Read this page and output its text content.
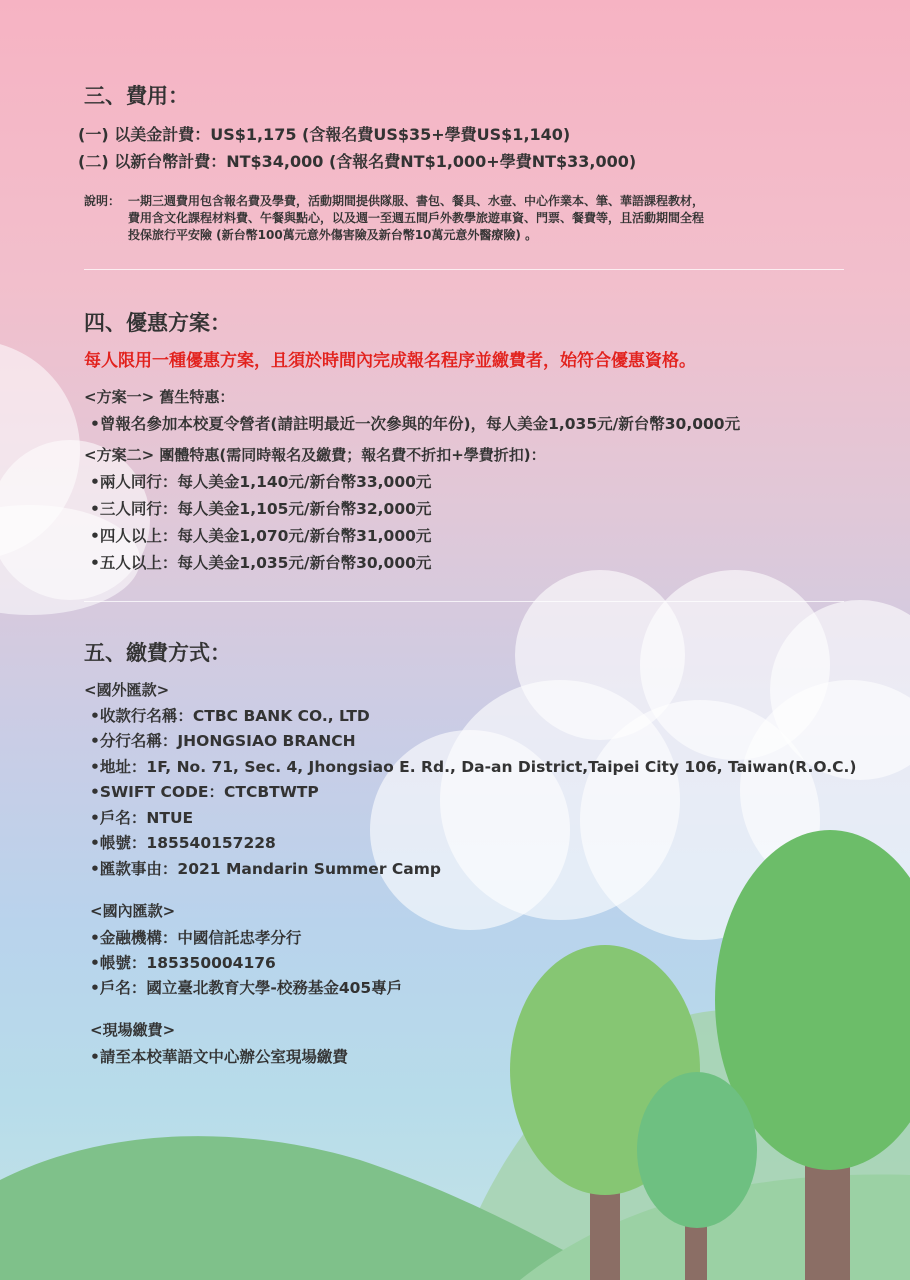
三、費用：
(一) 以美金計費：US$1,175 (含報名費US$35+學費US$1,140)
(二) 以新台幣計費：NT$34,000 (含報名費NT$1,000+學費NT$33,000)
說明： 一期三週費用包含報名費及學費，活動期間提供隊服、書包、餐具、水壺、中心作業本、筆、華語課程教材，
費用含文化課程材料費、午餐與點心，以及週一至週五間戶外教學旅遊車資、門票、餐費等，且活動期間全程
投保旅行平安險 (新台幣100萬元意外傷害險及新台幣10萬元意外醫療險) 。
四、優惠方案：
每人限用一種優惠方案，且須於時間內完成報名程序並繳費者，始符合優惠資格。
<方案一> 舊生特惠：
•曾報名參加本校夏令營者(請註明最近一次參與的年份)，每人美金1,035元/新台幣30,000元
<方案二> 團體特惠(需同時報名及繳費；報名費不折扣+學費折扣)：
•兩人同行：每人美金1,140元/新台幣33,000元
•三人同行：每人美金1,105元/新台幣32,000元
•四人以上：每人美金1,070元/新台幣31,000元
•五人以上：每人美金1,035元/新台幣30,000元
五、繳費方式：
<國外匯款>
•收款行名稱：CTBC BANK CO., LTD
•分行名稱：JHONGSIAO BRANCH
•地址：1F, No. 71, Sec. 4, Jhongsiao E. Rd., Da-an District,Taipei City 106, Taiwan(R.O.C.)
•SWIFT CODE：CTCBTWTP
•戶名：NTUE
•帳號：185540157228
•匯款事由：2021 Mandarin Summer Camp
<國內匯款>
•金融機構：中國信託忠孝分行
•帳號：185350004176
•戶名：國立臺北教育大學-校務基金405專戶
<現場繳費>
•請至本校華語文中心辦公室現場繳費
